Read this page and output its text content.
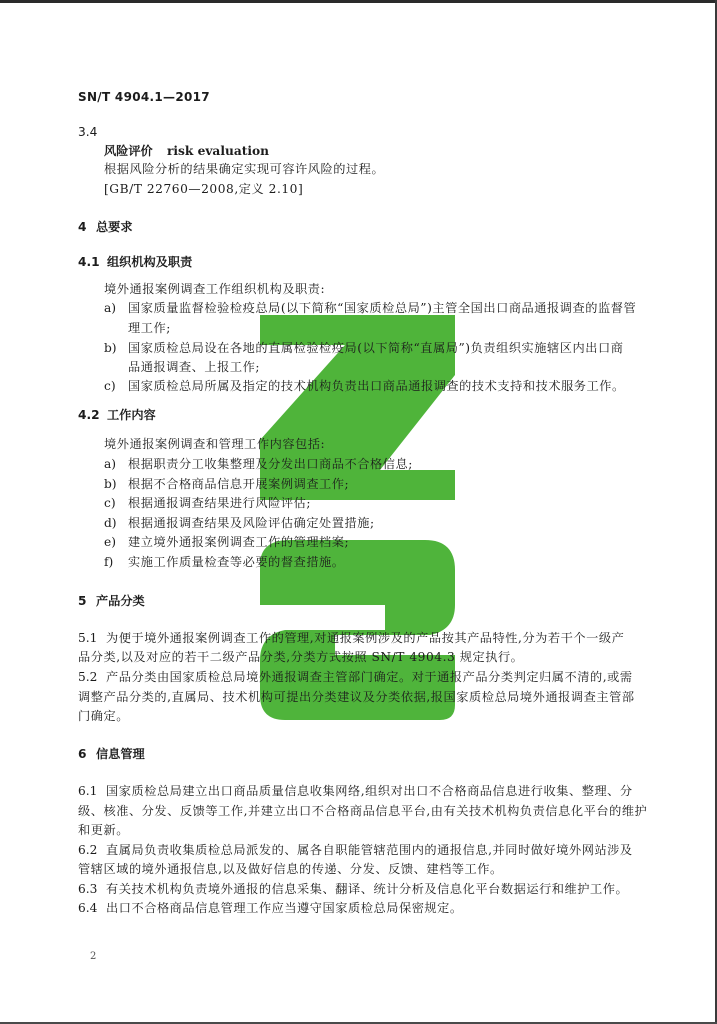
SN/T 4904.1—2017
3.4
风险评价 risk evaluation
根据风险分析的结果确定实现可容许风险的过程。
[GB/T 22760—2008,定义 2.10]
4 总要求
4.1 组织机构及职责
境外通报案例调查工作组织机构及职责:
a) 国家质量监督检验检疫总局(以下简称“国家质检总局”)主管全国出口商品通报调查的监督管
理工作;
b) 国家质检总局设在各地的直属检验检疫局(以下简称“直属局”)负责组织实施辖区内出口商
品通报调查、上报工作;
c) 国家质检总局所属及指定的技术机构负责出口商品通报调查的技术支持和技术服务工作。
4.2 工作内容
境外通报案例调查和管理工作内容包括:
a) 根据职责分工收集整理及分发出口商品不合格信息;
b) 根据不合格商品信息开展案例调查工作;
c) 根据通报调查结果进行风险评估;
d) 根据通报调查结果及风险评估确定处置措施;
e) 建立境外通报案例调查工作的管理档案;
f) 实施工作质量检查等必要的督查措施。
5 产品分类
5.1 为便于境外通报案例调查工作的管理,对通报案例涉及的产品按其产品特性,分为若干个一级产
品分类,以及对应的若干二级产品分类,分类方式按照 SN/T 4904.3 规定执行。
5.2 产品分类由国家质检总局境外通报调查主管部门确定。对于通报产品分类判定归属不清的,或需
调整产品分类的,直属局、技术机构可提出分类建议及分类依据,报国家质检总局境外通报调查主管部
门确定。
6 信息管理
6.1 国家质检总局建立出口商品质量信息收集网络,组织对出口不合格商品信息进行收集、整理、分
级、核准、分发、反馈等工作,并建立出口不合格商品信息平台,由有关技术机构负责信息化平台的维护
和更新。
6.2 直属局负责收集质检总局派发的、属各自职能管辖范围内的通报信息,并同时做好境外网站涉及
管辖区域的境外通报信息,以及做好信息的传递、分发、反馈、建档等工作。
6.3 有关技术机构负责境外通报的信息采集、翻译、统计分析及信息化平台数据运行和维护工作。
6.4 出口不合格商品信息管理工作应当遵守国家质检总局保密规定。
2
